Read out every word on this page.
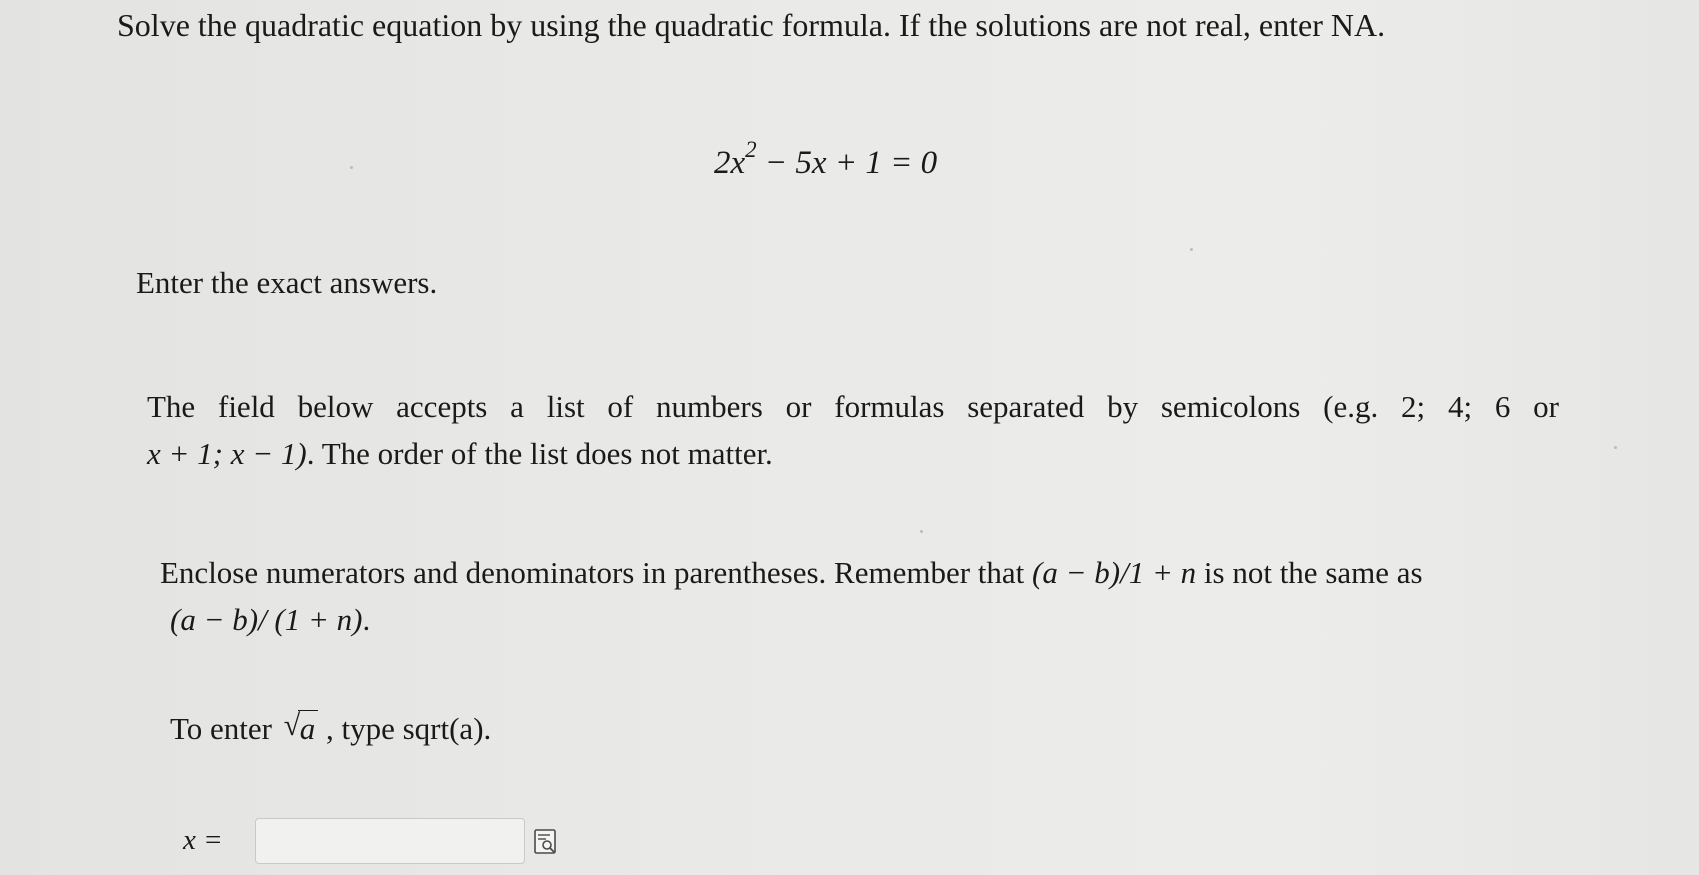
Solve the quadratic equation by using the quadratic formula. If the solutions are not real, enter NA.
$2x^2 - 5x + 1 = 0$
Enter the exact answers.
The field below accepts a list of numbers or formulas separated by semicolons (e.g. 2; 4; 6 or
x + 1; x − 1). The order of the list does not matter.
Enclose numerators and denominators in parentheses. Remember that (a − b)/1 + n is not the same as
(a − b)/ (1 + n).
To enter √ a , type sqrt(a).
x =
